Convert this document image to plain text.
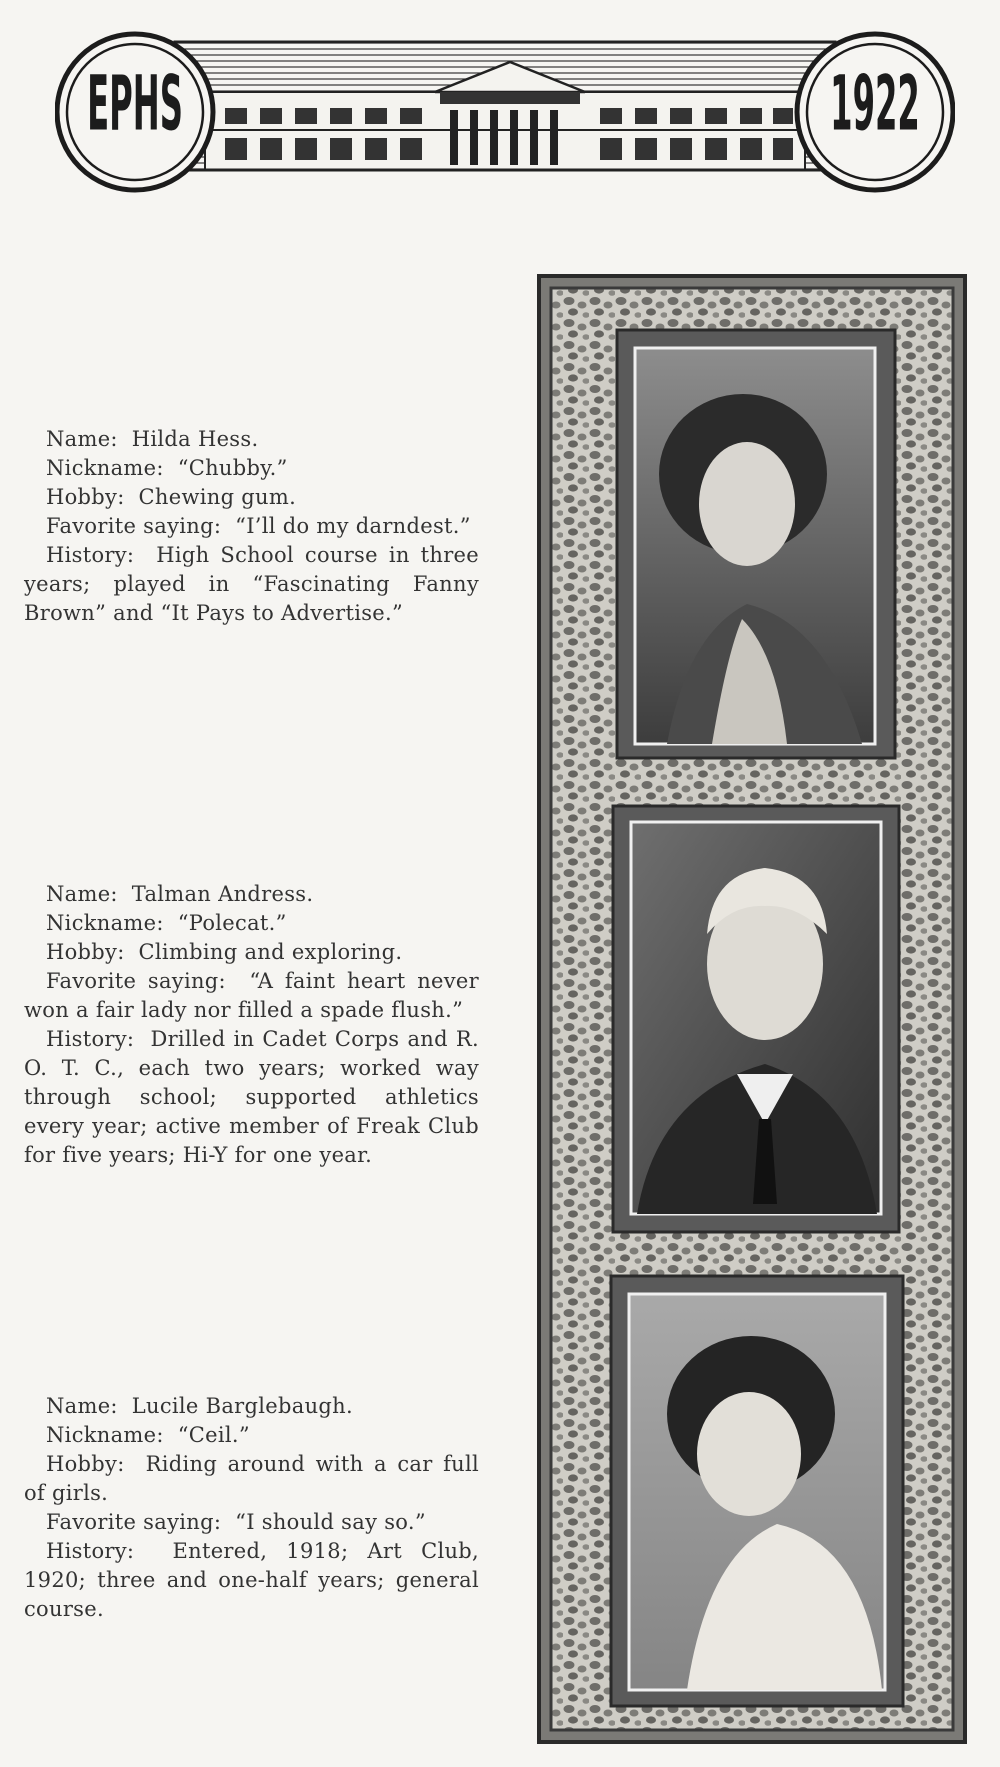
EPHS	1922

Name: Hilda Hess.

Nickname: “Chubby.”

Hobby: Chewing gum.

Favorite saying: “I’ll do my darndest.”

History: High School course in three years; played in “Fascinating Fanny Brown” and “It Pays to Advertise.”

Name: Talman Andress.

Nickname: “Polecat.”

Hobby: Climbing and exploring.

Favorite saying: “A faint heart never won a fair lady nor filled a spade flush.”

History: Drilled in Cadet Corps and R. O. T. C., each two years; worked way through school; supported athletics every year; active member of Freak Club for five years; Hi-Y for one year.

Name: Lucile Barglebaugh.

Nickname: “Ceil.”

Hobby: Riding around with a car full of girls.

Favorite saying: “I should say so.”

History: Entered, 1918; Art Club, 1920; three and one-half years; general course.
